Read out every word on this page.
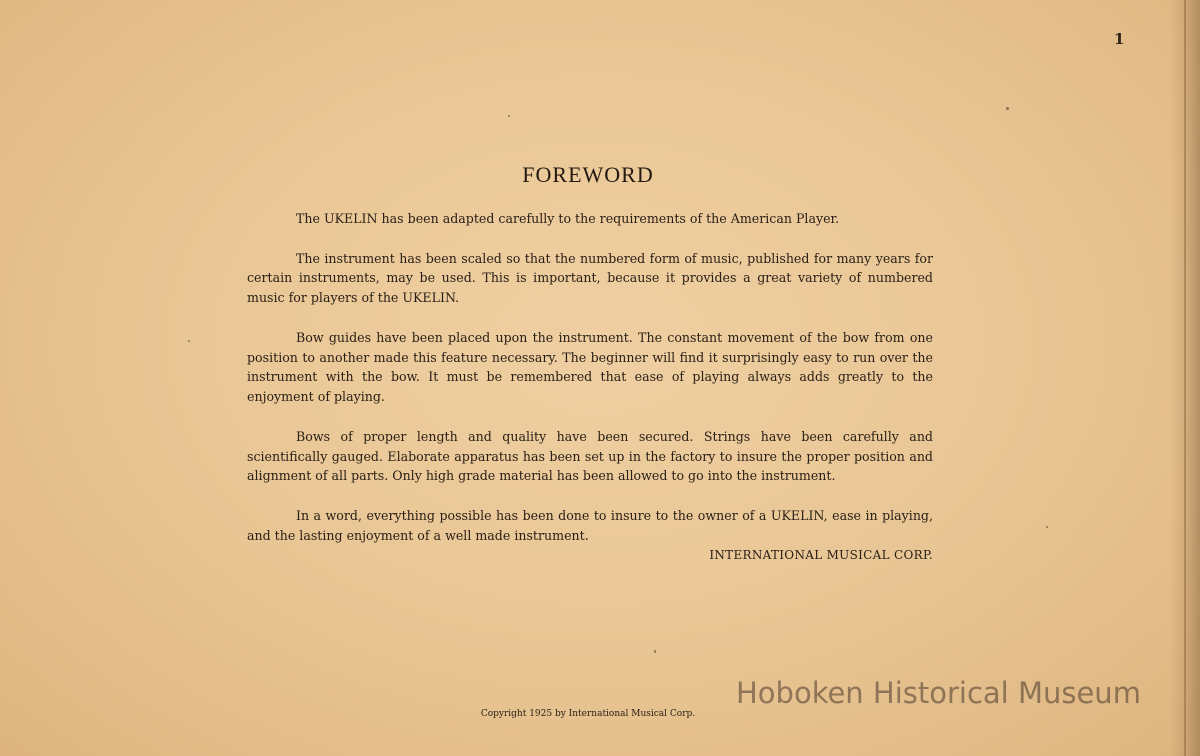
1
FOREWORD

The UKELIN has been adapted carefully to the requirements of the American Player.

The instrument has been scaled so that the numbered form of music, published for many years for certain instruments, may be used. This is important, because it provides a great variety of numbered music for players of the UKELIN.

Bow guides have been placed upon the instrument. The constant movement of the bow from one position to another made this feature necessary. The beginner will find it surprisingly easy to run over the instrument with the bow. It must be remembered that ease of playing always adds greatly to the enjoyment of playing.

Bows of proper length and quality have been secured. Strings have been carefully and scientifically gauged. Elaborate apparatus has been set up in the factory to insure the proper position and alignment of all parts. Only high grade material has been allowed to go into the instrument.

In a word, everything possible has been done to insure to the owner of a UKELIN, ease in playing, and the lasting enjoyment of a well made instrument.

INTERNATIONAL MUSICAL CORP.
Copyright 1925 by International Musical Corp.
Hoboken Historical Museum
